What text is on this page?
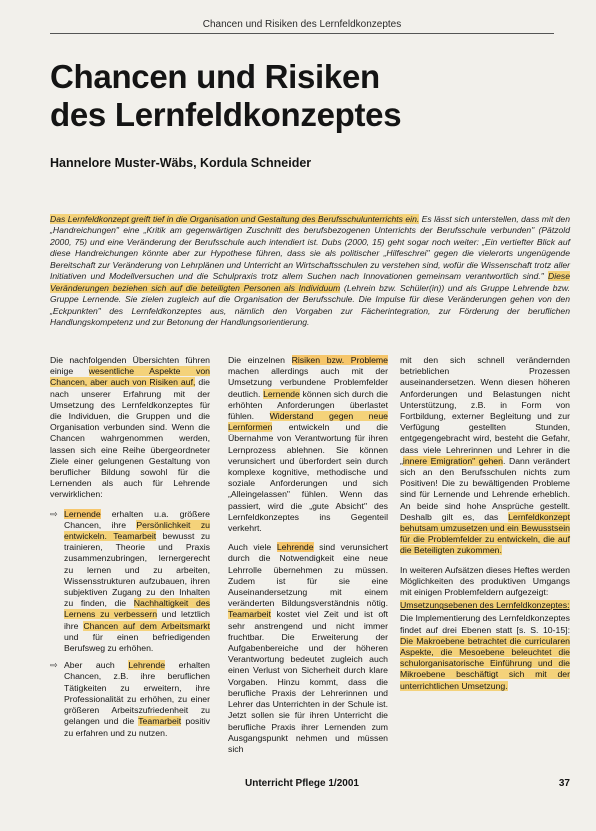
Chancen und Risiken des Lernfeldkonzeptes
Chancen und Risiken
des Lernfeldkonzeptes
Hannelore Muster-Wäbs, Kordula Schneider
Das Lernfeldkonzept greift tief in die Organisation und Gestaltung des Berufsschulunterrichts ein. Es lässt sich unterstellen, dass mit den „Handreichungen" eine „Kritik am gegenwärtigen Zuschnitt des berufsbezogenen Unterrichts der Berufsschule verbunden" (Pätzold 2000, 75) und eine Veränderung der Berufsschule auch intendiert ist. Dubs (2000, 15) geht sogar noch weiter: „Ein vertiefter Blick auf diese Handreichungen könnte aber zur Hypothese führen, dass sie als politischer „Hilfeschrei" gegen die vielerorts ungenügende Bereitschaft zur Veränderung von Lehrplänen und Unterricht an Wirtschaftsschulen zu verstehen sind, wofür die Wissenschaft trotz aller Initiativen und Modellversuchen und die Schulpraxis trotz allem Suchen nach Innovationen gemeinsam verantwortlich sind." Diese Veränderungen beziehen sich auf die beteiligten Personen als Individuum (Lehrein bzw. Schüler(in)) und als Gruppe Lehrende bzw. Gruppe Lernende. Sie zielen zugleich auf die Organisation der Berufsschule. Die Impulse für diese Veränderungen gehen von den „Eckpunkten" des Lernfeldkonzeptes aus, nämlich den Vorgaben zur Fächerintegration, zur Förderung der beruflichen Handlungskompetenz und zur Betonung der Handlungsorientierung.

Die nachfolgenden Übersichten führen einige wesentliche Aspekte von Chancen, aber auch von Risiken auf, die nach unserer Erfahrung mit der Umsetzung des Lernfeldkonzeptes für die Individuen, die Gruppen und die Organisation verbunden sind. Wenn die Chancen wahrgenommen werden, lassen sich eine Reihe übergeordneter Ziele einer gelungenen Gestaltung von beruflicher Bildung sowohl für die Lernenden als auch für Lehrende verwirklichen:

⇨ Lernende erhalten u.a. größere Chancen, ihre Persönlichkeit zu entwickeln. Teamarbeit bewusst zu trainieren, Theorie und Praxis zusammenzubringen, lernergerecht zu lernen und zu arbeiten, Wissensstrukturen aufzubauen, ihren subjektiven Zugang zu den Inhalten zu finden, die Nachhaltigkeit des Lernens zu verbessern und letztlich ihre Chancen auf dem Arbeitsmarkt und für einen befriedigenden Berufsweg zu erhöhen.
⇨ Aber auch Lehrende erhalten Chancen, z.B. ihre beruflichen Tätigkeiten zu erweitern, ihre Professionalität zu erhöhen, zu einer größeren Arbeitszufriedenheit zu gelangen und die Teamarbeit positiv zu erfahren und zu nutzen.

Die einzelnen Risiken bzw. Probleme machen allerdings auch mit der Umsetzung verbundene Problemfelder deutlich. Lernende können sich durch die erhöhten Anforderungen überlastet fühlen. Widerstand gegen neue Lernformen entwickeln und die Übernahme von Verantwortung für ihren Lernprozess ablehnen. Sie können verunsichert und überfordert sein durch komplexe kognitive, methodische und soziale Anforderungen und sich „Alleingelassen" fühlen. Wenn das passiert, wird die „gute Absicht" des Lernfeldkonzeptes ins Gegenteil verkehrt.

Auch viele Lehrende sind verunsichert durch die Notwendigkeit eine neue Lehrrolle übernehmen zu müssen. Zudem ist für sie eine Auseinandersetzung mit einem veränderten Bildungsverständnis nötig. Teamarbeit kostet viel Zeit und ist oft sehr anstrengend und nicht immer fruchtbar. Die Erweiterung der Aufgabenbereiche und der höheren Verantwortung bedeutet zugleich auch einen Verlust von Sicherheit durch klare Vorgaben. Hinzu kommt, dass die berufliche Praxis der Lehrerinnen und Lehrer das Unterrichten in der Schule ist. Jetzt sollen sie für ihren Unterricht die berufliche Praxis ihrer Lernenden zum Ausgangspunkt nehmen und müssen sich

mit den sich schnell verändernden betrieblichen Prozessen auseinandersetzen. Wenn diesen höheren Anforderungen und Belastungen nicht Unterstützung, z.B. in Form von Fortbildung, externer Begleitung und zur Verfügung gestellten Stunden, entgegengebracht wird, besteht die Gefahr, dass viele Lehrerinnen und Lehrer in die „innere Emigration" gehen. Dann verändert sich an den Berufsschulen nichts zum Positiven! Die zu bewältigenden Probleme sind für Lernende und Lehrende erheblich. An beide sind hohe Ansprüche gestellt. Deshalb gilt es, das Lernfeldkonzept behutsam umzusetzen und ein Bewusstsein für die Problemfelder zu entwickeln, die auf die Beteiligten zukommen.

In weiteren Aufsätzen dieses Heftes werden Möglichkeiten des produktiven Umgangs mit einigen Problemfeldern aufgezeigt:

Umsetzungsebenen des Lernfeldkonzeptes:

Die Implementierung des Lernfeldkonzeptes findet auf drei Ebenen statt [s. S. 10-15]: Die Makroebene betrachtet die curricularen Aspekte, die Mesoebene beleuchtet die schulorganisatorische Einführung und die Mikroebene beschäftigt sich mit der unterrichtlichen Umsetzung.

Unterricht Pflege 1/2001	37
